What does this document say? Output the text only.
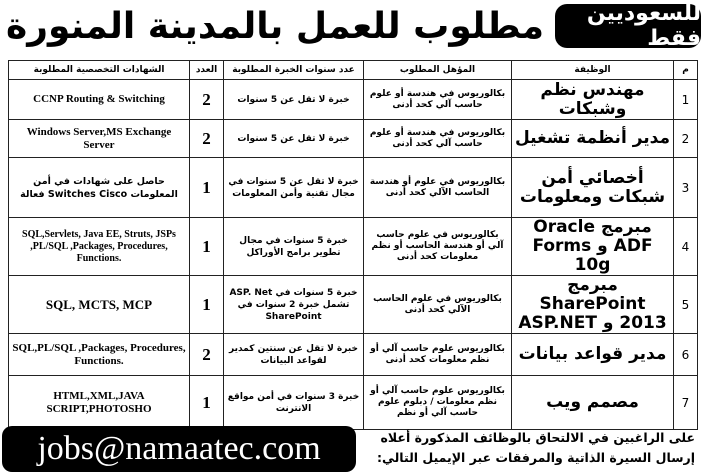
للسعوديين فقط
مطلوب للعمل بالمدينة المنورة
م	الوظيفة	المؤهل المطلوب	عدد سنوات الخبرة المطلوبة	العدد	الشهادات التخصصية المطلوبة
1	مهندس نظم وشبكات	بكالوريوس في هندسة أو علوم حاسب آلي كحد أدنى	خبرة لا تقل عن 5 سنوات	2	CCNP Routing & Switching
2	مدير أنظمة تشغيل	بكالوريوس في هندسة أو علوم حاسب آلي كحد أدنى	خبرة لا تقل عن 5 سنوات	2	Windows Server,MS Exchange Server
3	أخصائي أمن شبكات ومعلومات	بكالوريوس في علوم أو هندسة الحاسب الآلي كحد أدنى	خبرة لا تقل عن 5 سنوات في مجال تقنية وأمن المعلومات	1	حاصل على شهادات في أمن المعلومات Switches Cisco فعالة
4	مبرمج Oracle ADF و Forms 10g	بكالوريوس في علوم حاسب آلي أو هندسة الحاسب أو نظم معلومات كحد أدنى	خبرة 5 سنوات في مجال تطوير برامج الأوراكل	1	SQL,Servlets, Java EE, Struts, JSPs ,PL/SQL ,Packages, Procedures, Functions.
5	مبرمج SharePoint 2013 و ASP.NET	بكالوريوس في علوم الحاسب الآلي كحد أدنى	خبرة 5 سنوات في ASP. Net تشمل خبرة 2 سنوات في SharePoint	1	SQL, MCTS, MCP
6	مدير قواعد بيانات	بكالوريوس علوم حاسب آلي أو نظم معلومات كحد أدنى	خبرة لا تقل عن سنتين كمدير لقواعد البيانات	2	SQL,PL/SQL ,Packages, Procedures, Functions.
7	مصمم ويب	بكالوريوس علوم حاسب آلي أو نظم معلومات / دبلوم علوم حاسب آلي أو نظم	خبرة 3 سنوات في أمن مواقع الانترنت	1	HTML,XML,JAVA SCRIPT,PHOTOSHO
jobs@namaatec.com	على الراغبين في الالتحاق بالوظائف المذكورة أعلاه
إرسال السيرة الذاتية والمرفقات عبر الإيميل التالي:
